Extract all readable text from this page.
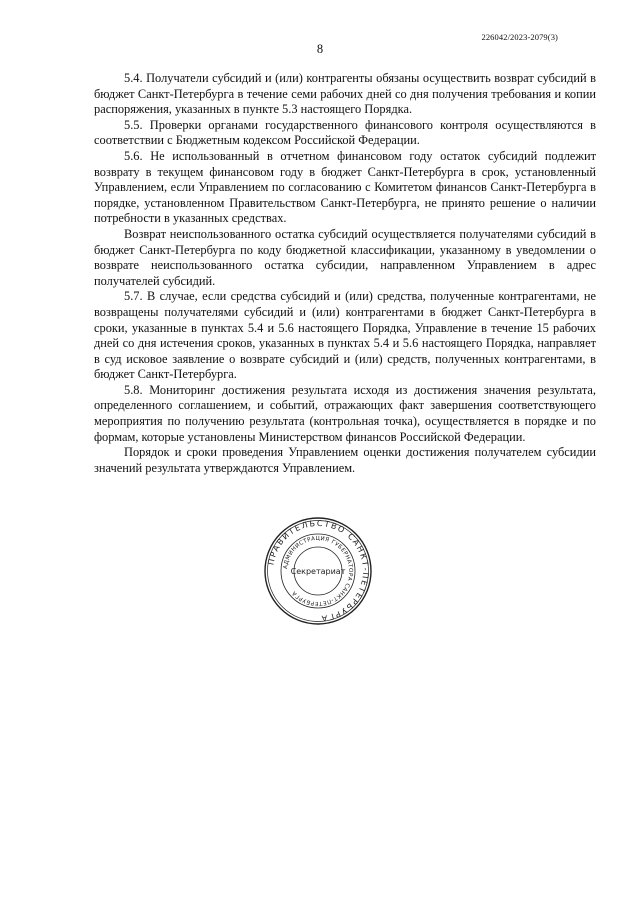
226042/2023-2079(3)
8

5.4. Получатели субсидий и (или) контрагенты обязаны осуществить возврат субсидий в бюджет Санкт-Петербурга в течение семи рабочих дней со дня получения требования и копии распоряжения, указанных в пункте 5.3 настоящего Порядка.

5.5. Проверки органами государственного финансового контроля осуществляются в соответствии с Бюджетным кодексом Российской Федерации.

5.6. Не использованный в отчетном финансовом году остаток субсидий подлежит возврату в текущем финансовом году в бюджет Санкт-Петербурга в срок, установленный Управлением, если Управлением по согласованию с Комитетом финансов Санкт-Петербурга в порядке, установленном Правительством Санкт-Петербурга, не принято решение о наличии потребности в указанных средствах.

Возврат неиспользованного остатка субсидий осуществляется получателями субсидий в бюджет Санкт-Петербурга по коду бюджетной классификации, указанному в уведомлении о возврате неиспользованного остатка субсидии, направленном Управлением в адрес получателей субсидий.

5.7. В случае, если средства субсидий и (или) средства, полученные контрагентами, не возвращены получателями субсидий и (или) контрагентами в бюджет Санкт-Петербурга в сроки, указанные в пунктах 5.4 и 5.6 настоящего Порядка, Управление в течение 15 рабочих дней со дня истечения сроков, указанных в пунктах 5.4 и 5.6 настоящего Порядка, направляет в суд исковое заявление о возврате субсидий и (или) средств, полученных контрагентами, в бюджет Санкт-Петербурга.

5.8. Мониторинг достижения результата исходя из достижения значения результата, определенного соглашением, и событий, отражающих факт завершения соответствующего мероприятия по получению результата (контрольная точка), осуществляется в порядке и по формам, которые установлены Министерством финансов Российской Федерации.

Порядок и сроки проведения Управлением оценки достижения получателем субсидии значений результата утверждаются Управлением.

ПРАВИТЕЛЬСТВО САНКТ-ПЕТЕРБУРГА
АДМИНИСТРАЦИЯ ГУБЕРНАТОРА САНКТ-ПЕТЕРБУРГА
Секретариат
